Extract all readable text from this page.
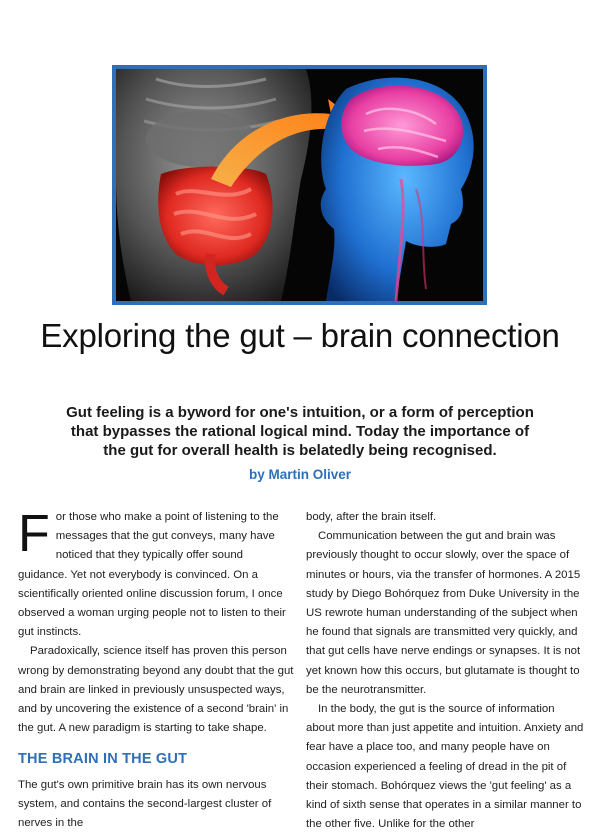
Exploring the gut – brain connection

Gut feeling is a byword for one's intuition, or a form of perception that bypasses the rational logical mind. Today the importance of the gut for overall health is belatedly being recognised.

by Martin Oliver

For those who make a point of listening to the messages that the gut conveys, many have noticed that they typically offer sound guidance. Yet not everybody is convinced. On a scientifically oriented online discussion forum, I once observed a woman urging people not to listen to their gut instincts.

Paradoxically, science itself has proven this person wrong by demonstrating beyond any doubt that the gut and brain are linked in previously unsuspected ways, and by uncovering the existence of a second 'brain' in the gut. A new paradigm is starting to take shape.

THE BRAIN IN THE GUT

The gut's own primitive brain has its own nervous system, and contains the second-largest cluster of nerves in the

body, after the brain itself.

Communication between the gut and brain was previously thought to occur slowly, over the space of minutes or hours, via the transfer of hormones. A 2015 study by Diego Bohórquez from Duke University in the US rewrote human understanding of the subject when he found that signals are transmitted very quickly, and that gut cells have nerve endings or synapses. It is not yet known how this occurs, but glutamate is thought to be the neurotransmitter.

In the body, the gut is the source of information about more than just appetite and intuition. Anxiety and fear have a place too, and many people have on occasion experienced a feeling of dread in the pit of their stomach. Bohórquez views the 'gut feeling' as a kind of sixth sense that operates in a similar manner to the other five. Unlike for the other
